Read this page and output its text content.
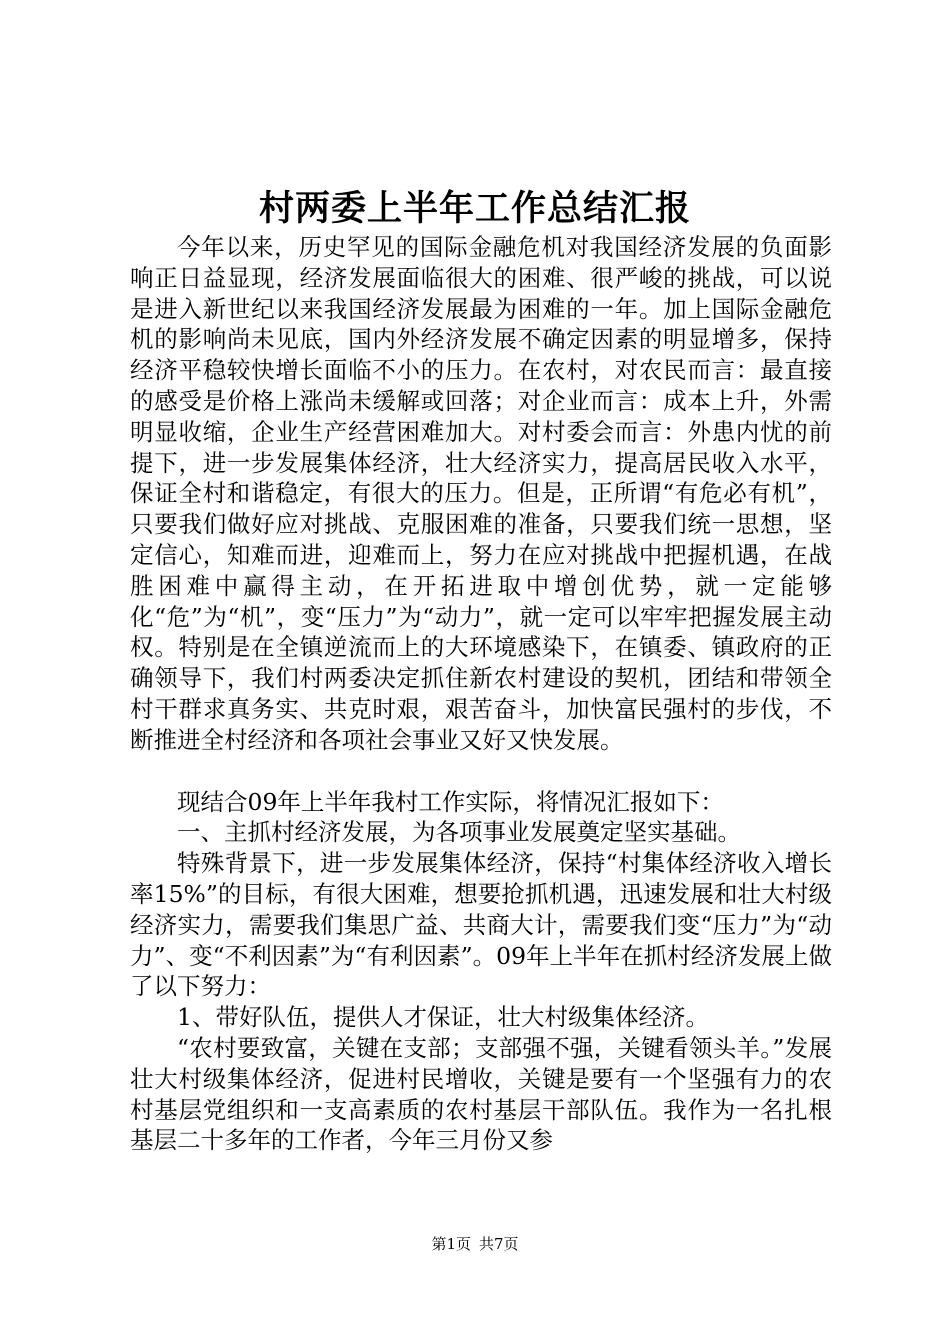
村两委上半年工作总结汇报

今年以来，历史罕见的国际金融危机对我国经济发展的负面影响正日益显现，经济发展面临很大的困难、很严峻的挑战，可以说是进入新世纪以来我国经济发展最为困难的一年。加上国际金融危机的影响尚未见底，国内外经济发展不确定因素的明显增多，保持经济平稳较快增长面临不小的压力。在农村，对农民而言：最直接的感受是价格上涨尚未缓解或回落；对企业而言：成本上升，外需明显收缩，企业生产经营困难加大。对村委会而言：外患内忧的前提下，进一步发展集体经济，壮大经济实力，提高居民收入水平，保证全村和谐稳定，有很大的压力。但是，正所谓“有危必有机”，只要我们做好应对挑战、克服困难的准备，只要我们统一思想，坚定信心，知难而进，迎难而上，努力在应对挑战中把握机遇，在战胜困难中赢得主动，在开拓进取中增创优势，就一定能够化“危”为“机”，变“压力”为“动力”，就一定可以牢牢把握发展主动权。特别是在全镇逆流而上的大环境感染下，在镇委、镇政府的正确领导下，我们村两委决定抓住新农村建设的契机，团结和带领全村干群求真务实、共克时艰，艰苦奋斗，加快富民强村的步伐，不断推进全村经济和各项社会事业又好又快发展。

现结合09年上半年我村工作实际，将情况汇报如下：

一、主抓村经济发展，为各项事业发展奠定坚实基础。

特殊背景下，进一步发展集体经济，保持“村集体经济收入增长率15%”的目标，有很大困难，想要抢抓机遇，迅速发展和壮大村级经济实力，需要我们集思广益、共商大计，需要我们变“压力”为“动力”、变“不利因素”为“有利因素”。09年上半年在抓村经济发展上做了以下努力：

1、带好队伍，提供人才保证，壮大村级集体经济。

“农村要致富，关键在支部；支部强不强，关键看领头羊。”发展壮大村级集体经济，促进村民增收，关键是要有一个坚强有力的农村基层党组织和一支高素质的农村基层干部队伍。我作为一名扎根基层二十多年的工作者，今年三月份又参

第1页 共7页
